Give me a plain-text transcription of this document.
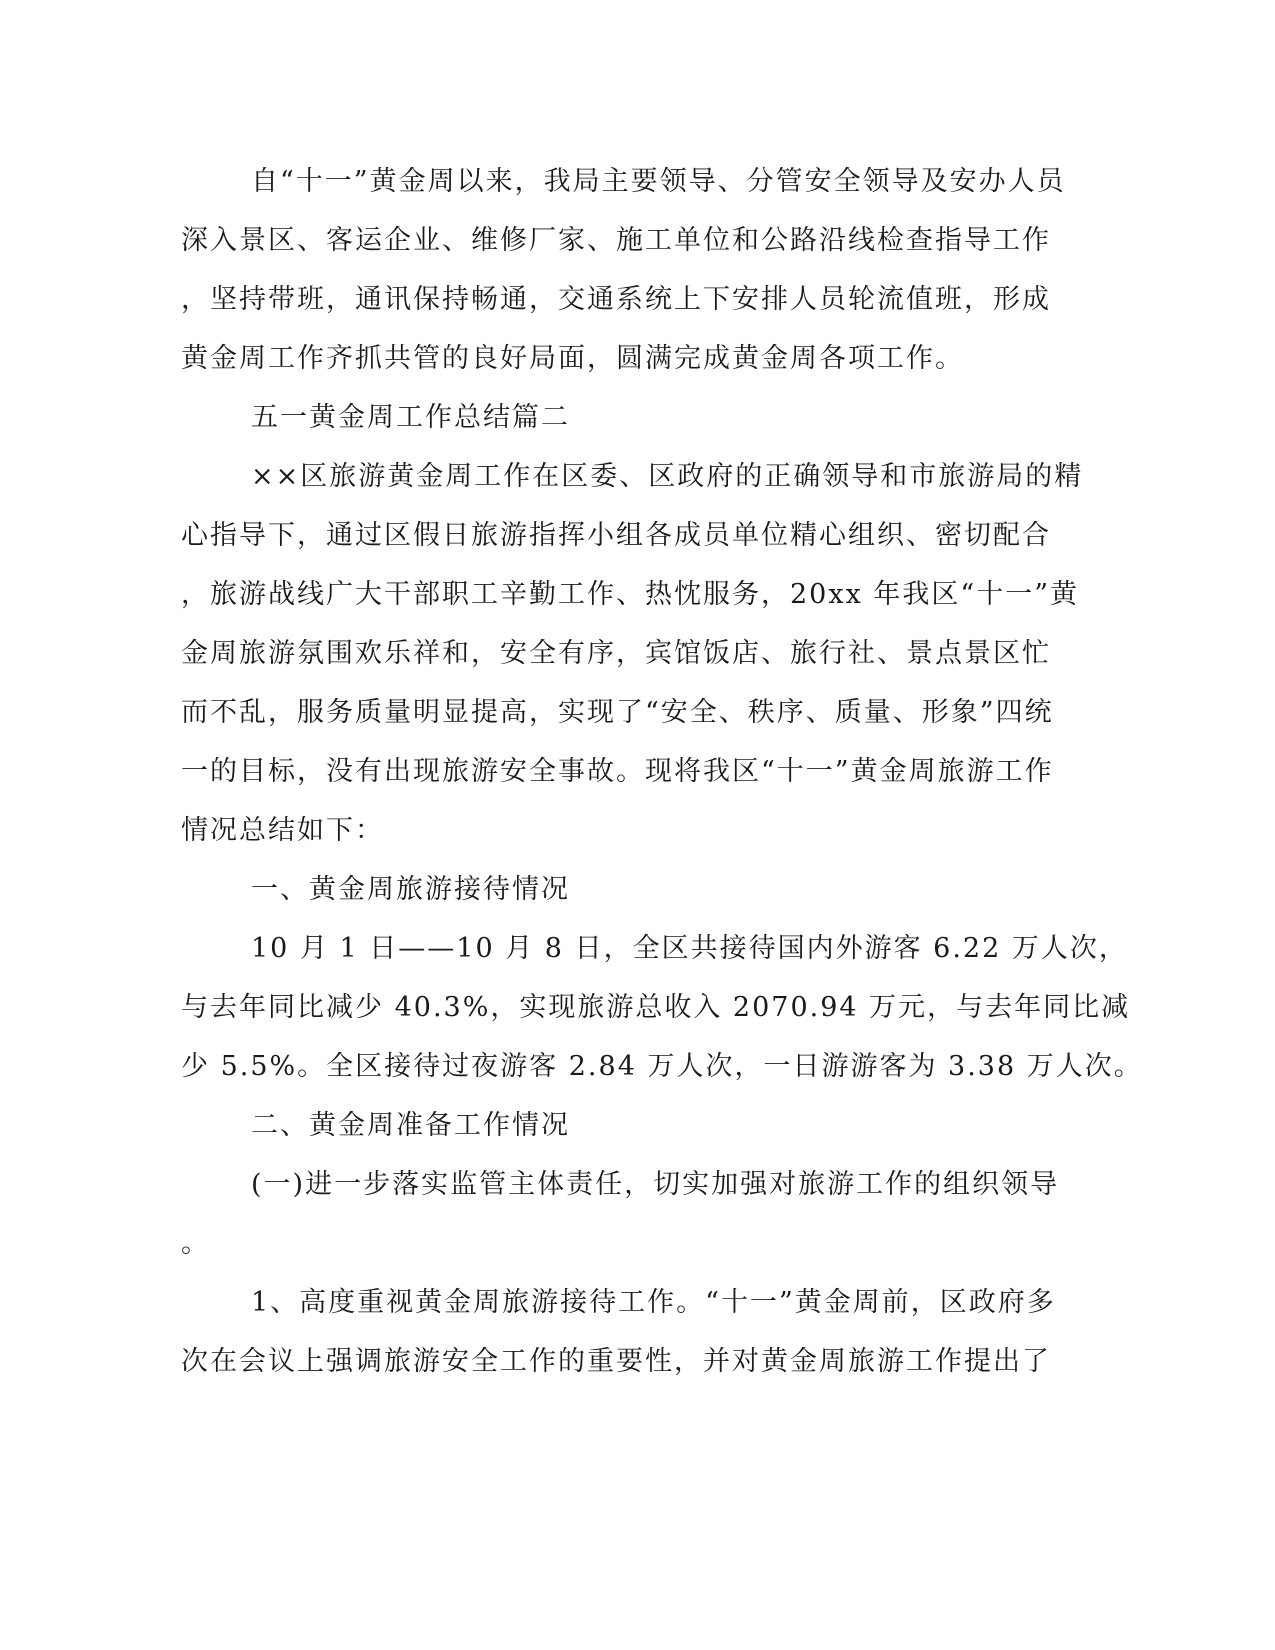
自“十一”黄金周以来，我局主要领导、分管安全领导及安办人员
深入景区、客运企业、维修厂家、施工单位和公路沿线检查指导工作
，坚持带班，通讯保持畅通，交通系统上下安排人员轮流值班，形成
黄金周工作齐抓共管的良好局面，圆满完成黄金周各项工作。
五一黄金周工作总结篇二
××区旅游黄金周工作在区委、区政府的正确领导和市旅游局的精
心指导下，通过区假日旅游指挥小组各成员单位精心组织、密切配合
，旅游战线广大干部职工辛勤工作、热忱服务，20xx 年我区“十一”黄
金周旅游氛围欢乐祥和，安全有序，宾馆饭店、旅行社、景点景区忙
而不乱，服务质量明显提高，实现了“安全、秩序、质量、形象”四统
一的目标，没有出现旅游安全事故。现将我区“十一”黄金周旅游工作
情况总结如下：
一、黄金周旅游接待情况
10 月 1 日——10 月 8 日，全区共接待国内外游客 6.22 万人次，
与去年同比减少 40.3%，实现旅游总收入 2070.94 万元，与去年同比减
少 5.5%。全区接待过夜游客 2.84 万人次，一日游游客为 3.38 万人次。
二、黄金周准备工作情况
(一)进一步落实监管主体责任，切实加强对旅游工作的组织领导
。
1、高度重视黄金周旅游接待工作。“十一”黄金周前，区政府多
次在会议上强调旅游安全工作的重要性，并对黄金周旅游工作提出了
